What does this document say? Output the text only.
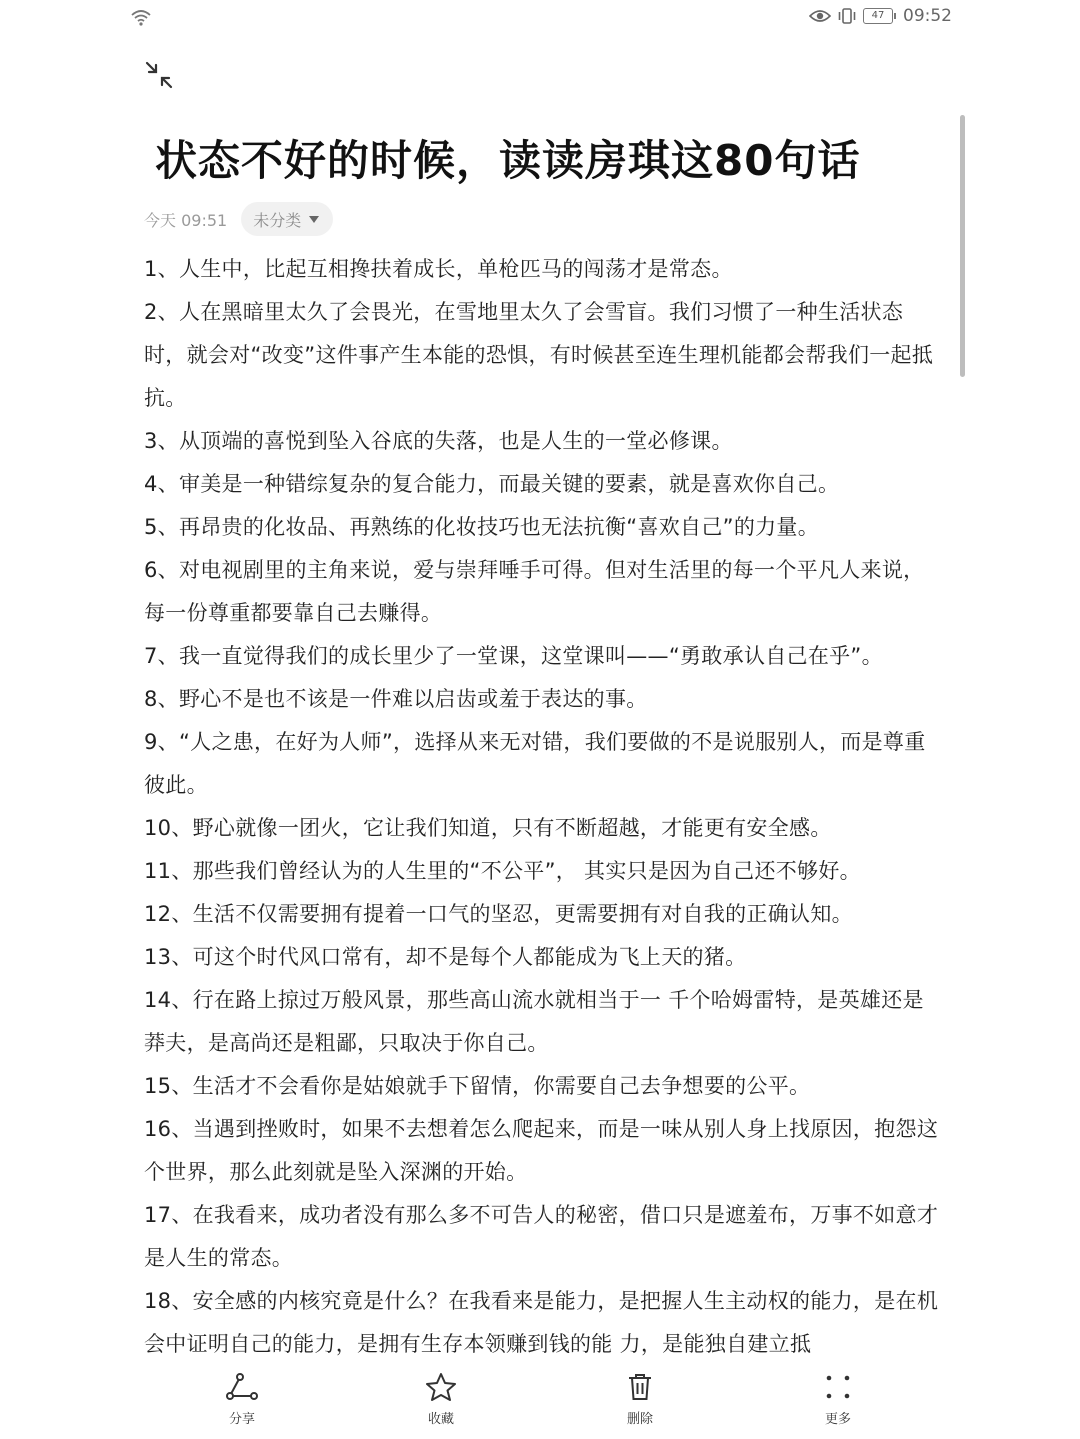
47	09:52
状态不好的时候，读读房琪这80句话
今天 09:51 未分类

1、人生中，比起互相搀扶着成长，单枪匹马的闯荡才是常态。

2、人在黑暗里太久了会畏光，在雪地里太久了会雪盲。我们习惯了一种生活状态时，就会对“改变”这件事产生本能的恐惧，有时候甚至连生理机能都会帮我们一起抵抗。

3、从顶端的喜悦到坠入谷底的失落，也是人生的一堂必修课。

4、审美是一种错综复杂的复合能力，而最关键的要素，就是喜欢你自己。

5、再昂贵的化妆品、再熟练的化妆技巧也无法抗衡“喜欢自己”的力量。

6、对电视剧里的主角来说，爱与崇拜唾手可得。但对生活里的每一个平凡人来说，每一份尊重都要靠自己去赚得。

7、我一直觉得我们的成长里少了一堂课，这堂课叫——“勇敢承认自己在乎”。

8、野心不是也不该是一件难以启齿或羞于表达的事。

9、“人之患，在好为人师”，选择从来无对错，我们要做的不是说服别人，而是尊重彼此。

10、野心就像一团火，它让我们知道，只有不断超越，才能更有安全感。

11、那些我们曾经认为的人生里的“不公平”， 其实只是因为自己还不够好。

12、生活不仅需要拥有提着一口气的坚忍，更需要拥有对自我的正确认知。

13、可这个时代风口常有，却不是每个人都能成为飞上天的猪。

14、行在路上掠过万般风景，那些高山流水就相当于一 千个哈姆雷特，是英雄还是莽夫，是高尚还是粗鄙，只取决于你自己。

15、生活才不会看你是姑娘就手下留情，你需要自己去争想要的公平。

16、当遇到挫败时，如果不去想着怎么爬起来，而是一味从别人身上找原因，抱怨这个世界，那么此刻就是坠入深渊的开始。

17、在我看来，成功者没有那么多不可告人的秘密，借口只是遮羞布，万事不如意才是人生的常态。

18、安全感的内核究竟是什么？在我看来是能力，是把握人生主动权的能力，是在机会中证明自己的能力，是拥有生存本领赚到钱的能 力，是能独自建立抵

分享	收藏	删除	更多
